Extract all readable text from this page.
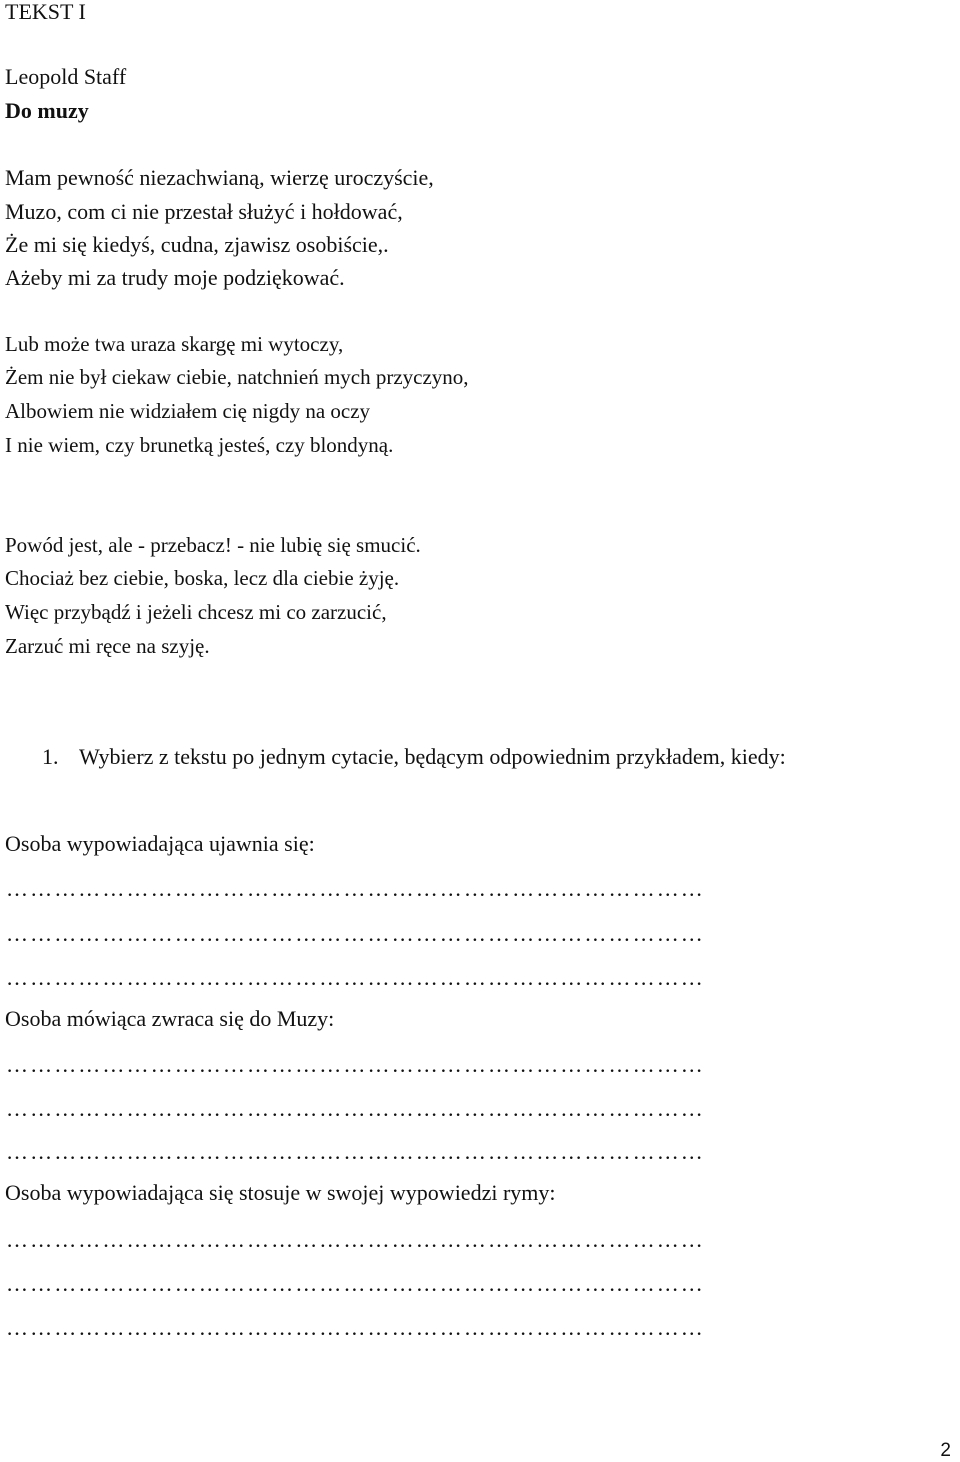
TEKST I
Leopold Staff
Do muzy
Mam pewność niezachwianą, wierzę uroczyście,
Muzo, com ci nie przestał służyć i hołdować,
Że mi się kiedyś, cudna, zjawisz osobiście,.
Ażeby mi za trudy moje podziękować.
Lub może twa uraza skargę mi wytoczy,
Żem nie był ciekaw ciebie, natchnień mych przyczyno,
Albowiem nie widziałem cię nigdy na oczy
I nie wiem, czy brunetką jesteś, czy blondyną.
Powód jest, ale - przebacz! - nie lubię się smucić.
Chociaż bez ciebie, boska, lecz dla ciebie żyję.
Więc przybądź i jeżeli chcesz mi co zarzucić,
Zarzuć mi ręce na szyję.
1. Wybierz z tekstu po jednym cytacie, będącym odpowiednim przykładem, kiedy:
Osoba wypowiadająca ujawnia się:
……………………………………………………………………………
……………………………………………………………………………
……………………………………………………………………………
Osoba mówiąca zwraca się do Muzy:
……………………………………………………………………………
……………………………………………………………………………
……………………………………………………………………………
Osoba wypowiadająca się stosuje w swojej wypowiedzi rymy:
……………………………………………………………………………
……………………………………………………………………………
……………………………………………………………………………
2
